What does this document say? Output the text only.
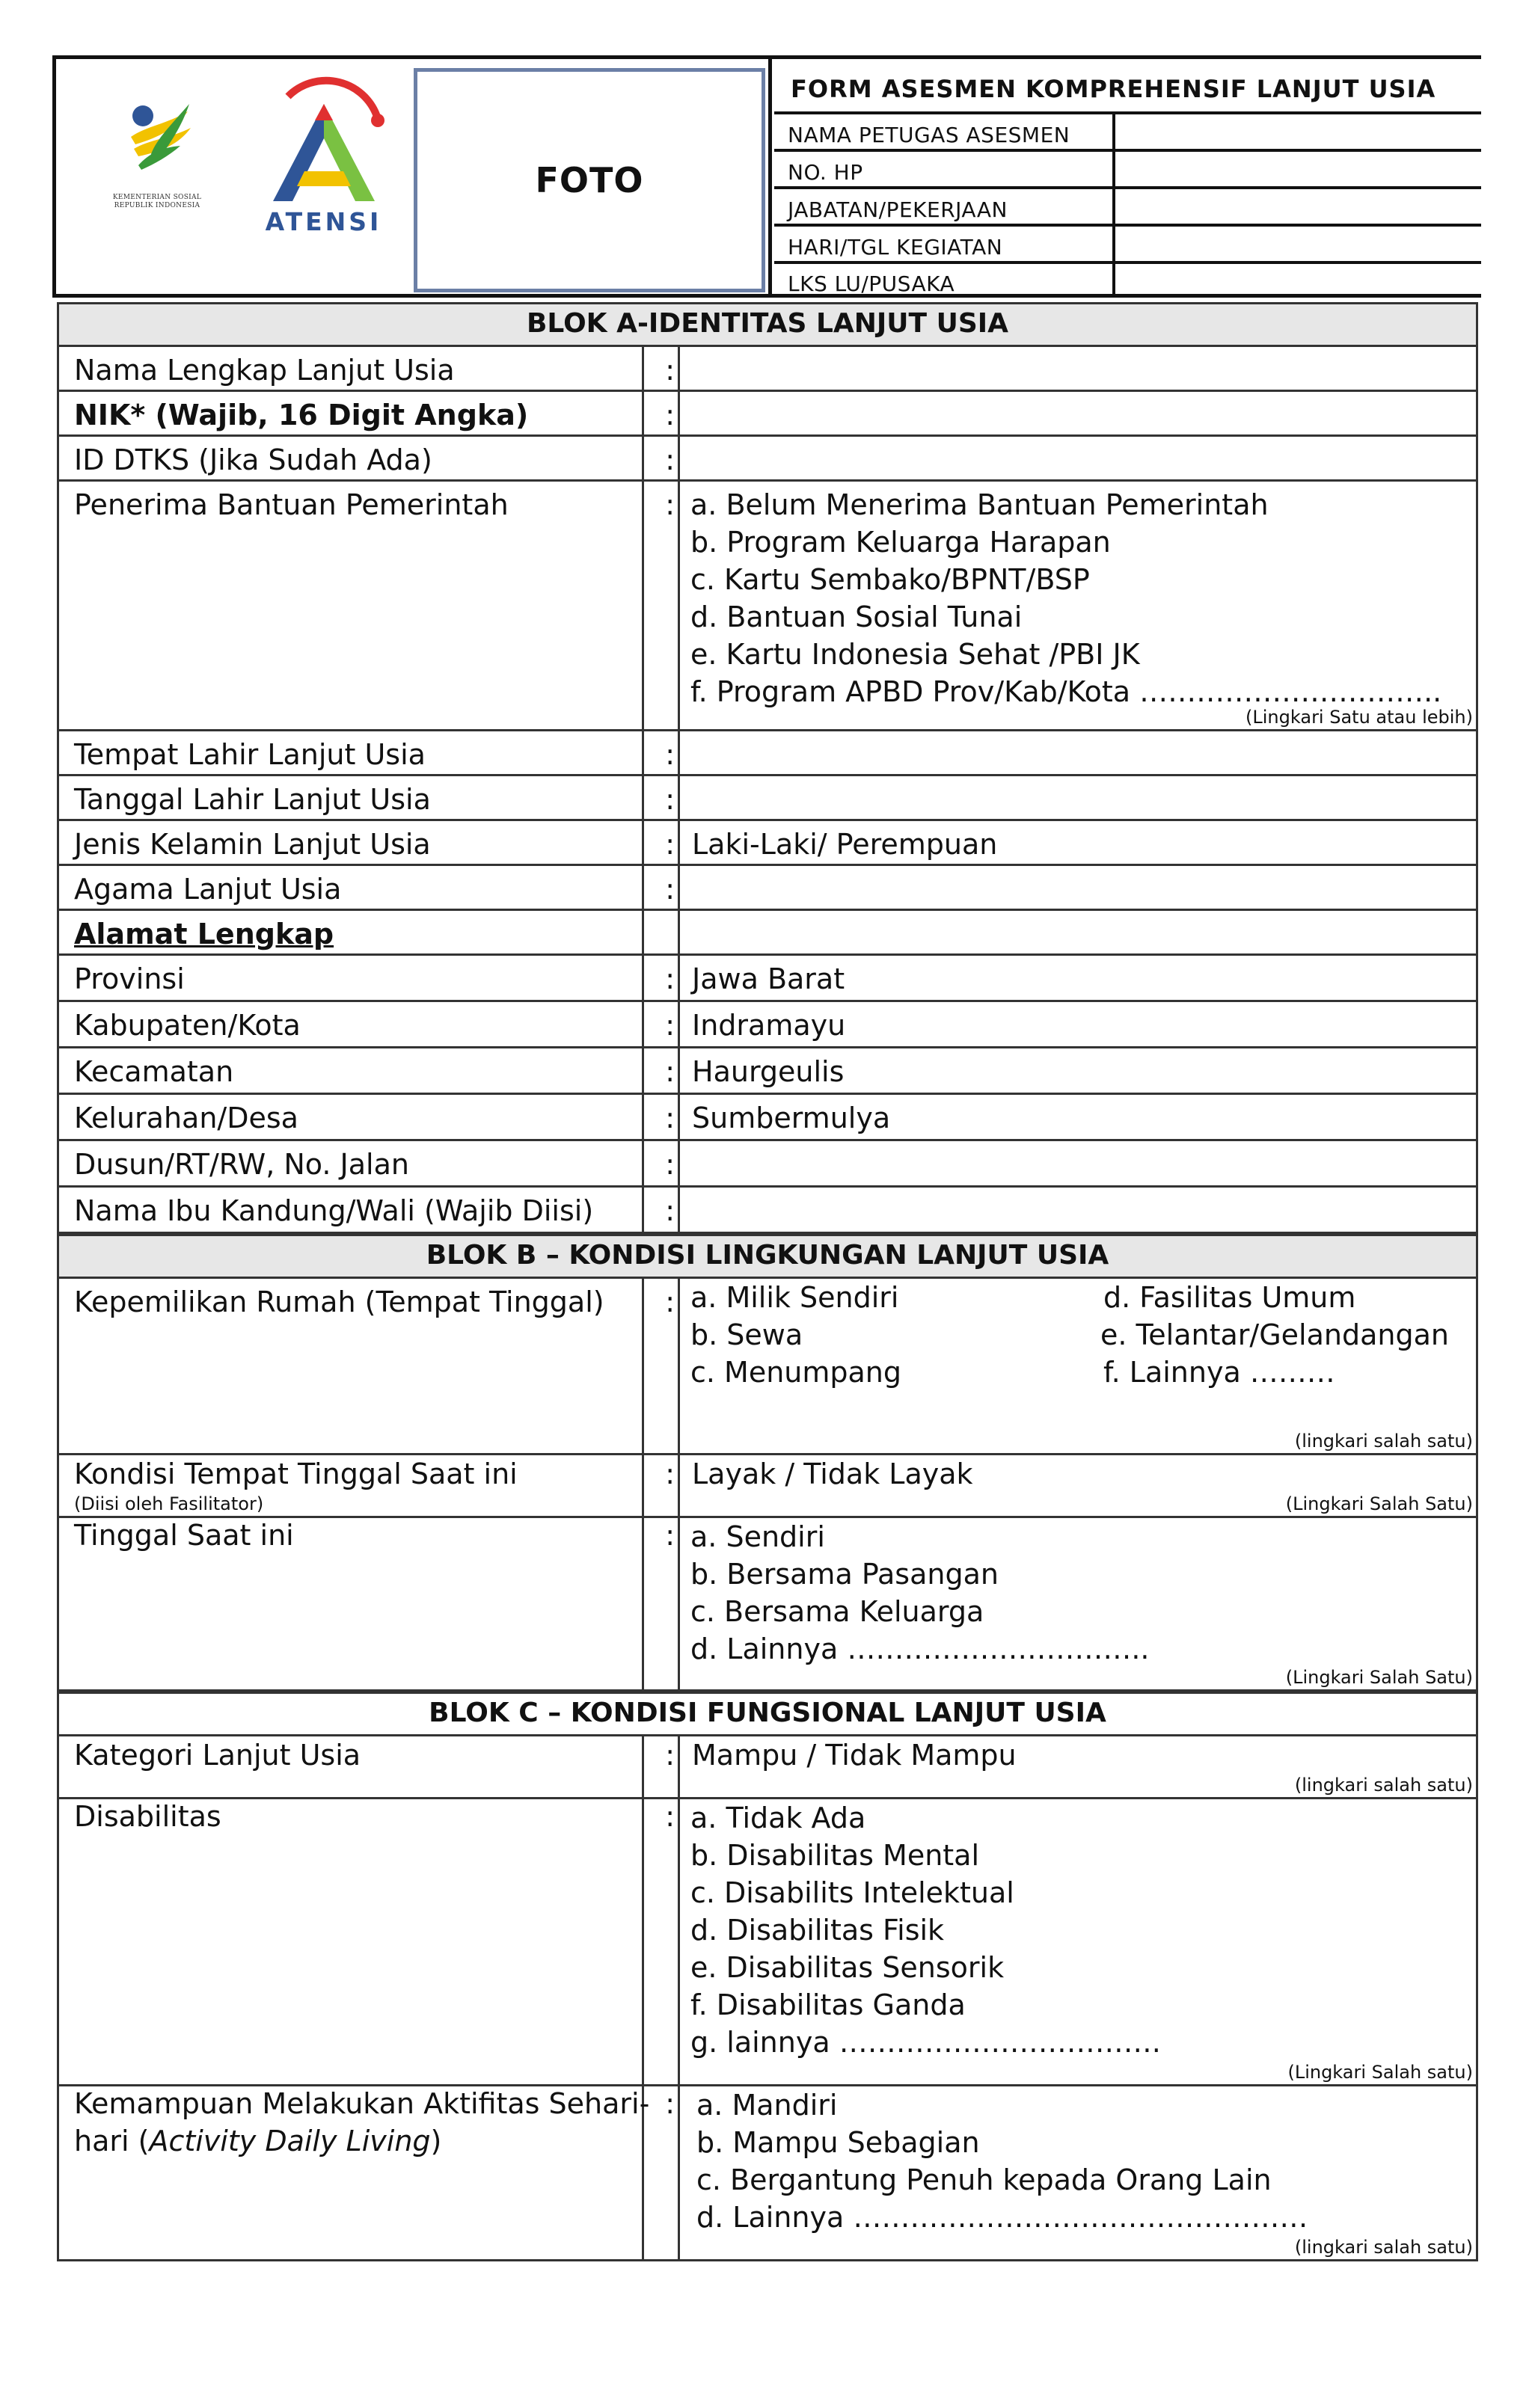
KEMENTERIAN SOSIAL
REPUBLIK INDONESIA
ATENSI
FOTO
FORM ASESMEN KOMPREHENSIF LANJUT USIA
NAMA PETUGAS ASESMEN
NO. HP
JABATAN/PEKERJAAN
HARI/TGL KEGIATAN
LKS LU/PUSAKA
BLOK A-IDENTITAS LANJUT USIA
Nama Lengkap Lanjut Usia	:
NIK* (Wajib, 16 Digit Angka)	:
ID DTKS (Jika Sudah Ada)	:
Penerima Bantuan Pemerintah	: a. Belum Menerima Bantuan Pemerintah
b. Program Keluarga Harapan
c. Kartu Sembako/BPNT/BSP
d. Bantuan Sosial Tunai
e. Kartu Indonesia Sehat /PBI JK
f. Program APBD Prov/Kab/Kota …………………………..
(Lingkari Satu atau lebih)
Tempat Lahir Lanjut Usia	:
Tanggal Lahir Lanjut Usia	:
Jenis Kelamin Lanjut Usia	: Laki-Laki/ Perempuan
Agama Lanjut Usia	:
Alamat Lengkap
Provinsi	: Jawa Barat
Kabupaten/Kota	: Indramayu
Kecamatan	: Haurgeulis
Kelurahan/Desa	: Sumbermulya
Dusun/RT/RW, No. Jalan	:
Nama Ibu Kandung/Wali (Wajib Diisi)	:
BLOK B – KONDISI LINGKUNGAN LANJUT USIA
Kepemilikan Rumah (Tempat Tinggal) : a. Milik Sendiri
b. Sewa
c. Menumpang
d. Fasilitas Umum
e. Telantar/Gelandangan
f. Lainnya ………
(lingkari salah satu)
Kondisi Tempat Tinggal Saat ini
(Diisi oleh Fasilitator)
: Layak / Tidak Layak
(Lingkari Salah Satu)
Tinggal Saat ini	: a. Sendiri
b. Bersama Pasangan
c. Bersama Keluarga
d. Lainnya …………………………..
(Lingkari Salah Satu)
BLOK C – KONDISI FUNGSIONAL LANJUT USIA
Kategori Lanjut Usia	: Mampu / Tidak Mampu
(lingkari salah satu)
Disabilitas	: a. Tidak Ada
b. Disabilitas Mental
c. Disabilits Intelektual
d. Disabilitas Fisik
e. Disabilitas Sensorik
f. Disabilitas Ganda
g. lainnya …………………………….
(Lingkari Salah satu)
Kemampuan Melakukan Aktifitas Sehari-
hari (Activity Daily Living)
: a. Mandiri
b. Mampu Sebagian
c. Bergantung Penuh kepada Orang Lain
d. Lainnya …………………………………………
(lingkari salah satu)
